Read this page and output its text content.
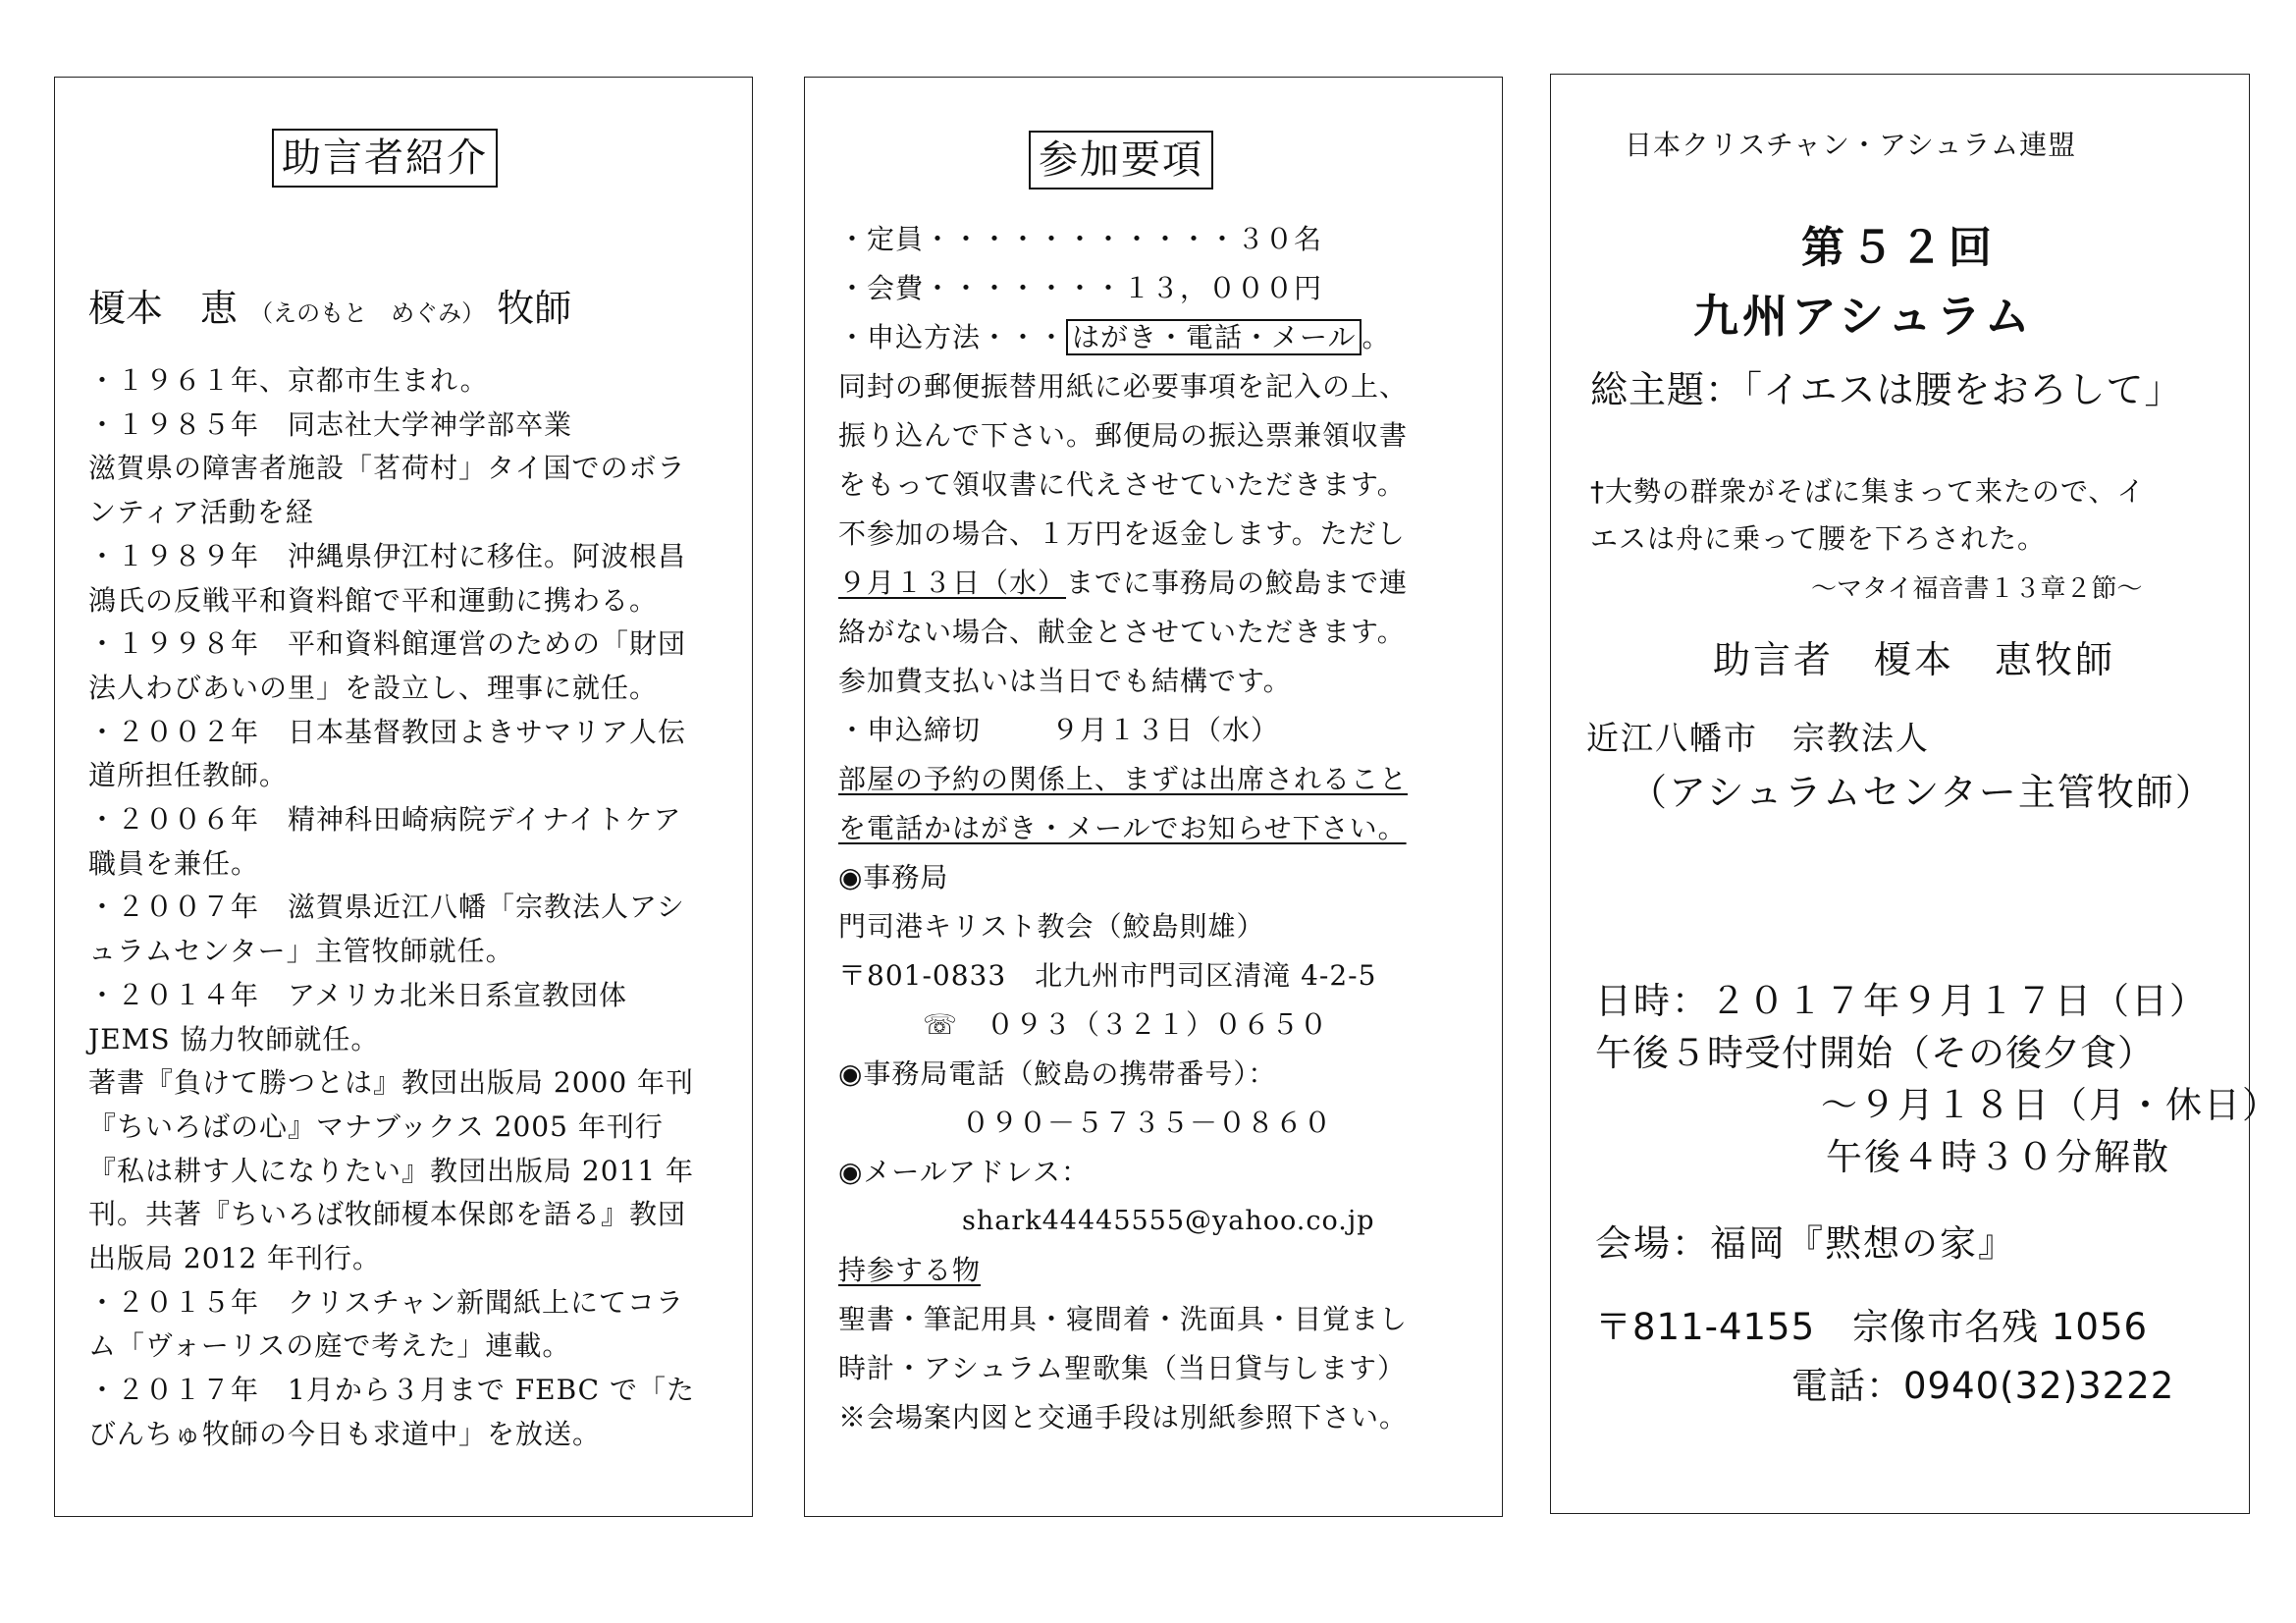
助言者紹介
榎本　恵 （えのもと　めぐみ） 牧師
・１９６１年、京都市生まれ。
・１９８５年　同志社大学神学部卒業
滋賀県の障害者施設「茗荷村」タイ国でのボラ
ンティア活動を経
・１９８９年　沖縄県伊江村に移住。阿波根昌
鴻氏の反戦平和資料館で平和運動に携わる。
・１９９８年　平和資料館運営のための「財団
法人わびあいの里」を設立し、理事に就任。
・２００２年　日本基督教団よきサマリア人伝
道所担任教師。
・２００６年　精神科田崎病院デイナイトケア
職員を兼任。
・２００７年　滋賀県近江八幡「宗教法人アシ
ュラムセンター」主管牧師就任。
・２０１４年　アメリカ北米日系宣教団体
JEMS 協力牧師就任。
著書『負けて勝つとは』教団出版局 2000 年刊
『ちいろばの心』マナブックス 2005 年刊行
『私は耕す人になりたい』教団出版局 2011 年
刊。共著『ちいろば牧師榎本保郎を語る』教団
出版局 2012 年刊行。
・２０１５年　クリスチャン新聞紙上にてコラ
ム「ヴォーリスの庭で考えた」連載。
・２０１７年　1月から３月まで FEBC で「た
びんちゅ牧師の今日も求道中」を放送。
参加要項
・定員・・・・・・・・・・・３０名
・会費・・・・・・・１３，０００円
・申込方法・・・ はがき・電話・メール 。
同封の郵便振替用紙に必要事項を記入の上、
振り込んで下さい。郵便局の振込票兼領収書
をもって領収書に代えさせていただきます。
不参加の場合、１万円を返金します。ただし
９月１３日（水）までに事務局の鮫島まで連
絡がない場合、献金とさせていただきます。
参加費支払いは当日でも結構です。
・申込締切	９月１３日（水）
部屋の予約の関係上、まずは出席されること
を電話かはがき・メールでお知らせ下さい。
◉事務局
門司港キリスト教会（鮫島則雄）
〒801-0833　北九州市門司区清滝 4-2-5
☏　０９３（３２１）０６５０
◉事務局電話（鮫島の携帯番号）：
０９０－５７３５－０８６０
◉メールアドレス：
shark44445555@yahoo.co.jp
持参する物
聖書・筆記用具・寝間着・洗面具・目覚まし
時計・アシュラム聖歌集（当日貸与します）
※会場案内図と交通手段は別紙参照下さい。
日本クリスチャン・アシュラム連盟
第５２回
九州アシュラム
総主題：「イエスは腰をおろして」
†大勢の群衆がそばに集まって来たので、イ
エスは舟に乗って腰を下ろされた。
～マタイ福音書１３章２節～
助言者　榎本　恵牧師
近江八幡市　宗教法人
（アシュラムセンター主管牧師）
日時：２０１７年９月１７日（日）
午後５時受付開始（その後夕食）
～９月１８日（月・休日）
午後４時３０分解散
会場：福岡『黙想の家』
〒811-4155　宗像市名残 1056
電話：0940(32)3222
